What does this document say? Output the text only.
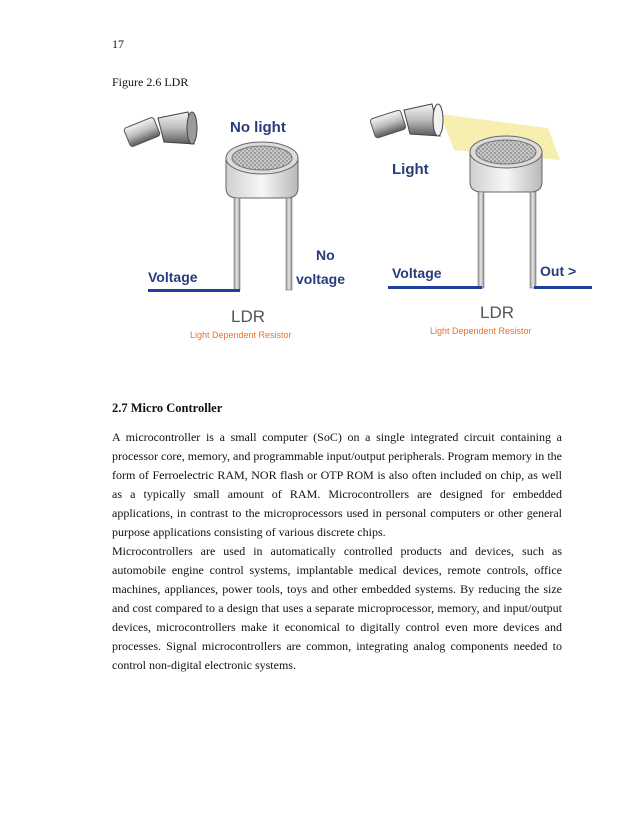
17
Figure 2.6 LDR
No light
Voltage
No
voltage
LDR
Light Dependent Resistor
Light
Voltage	Out >
LDR
Light Dependent Resistor
2.7 Micro Controller

A microcontroller is a small computer (SoC) on a single integrated circuit containing a processor core, memory, and programmable input/output peripherals. Program memory in the form of Ferroelectric RAM, NOR flash or OTP ROM is also often included on chip, as well as a typically small amount of RAM. Microcontrollers are designed for embedded applications, in contrast to the microprocessors used in personal computers or other general purpose applications consisting of various discrete chips.

Microcontrollers are used in automatically controlled products and devices, such as automobile engine control systems, implantable medical devices, remote controls, office machines, appliances, power tools, toys and other embedded systems. By reducing the size and cost compared to a design that uses a separate microprocessor, memory, and input/output devices, microcontrollers make it economical to digitally control even more devices and processes. Signal microcontrollers are common, integrating analog components needed to control non-digital electronic systems.
